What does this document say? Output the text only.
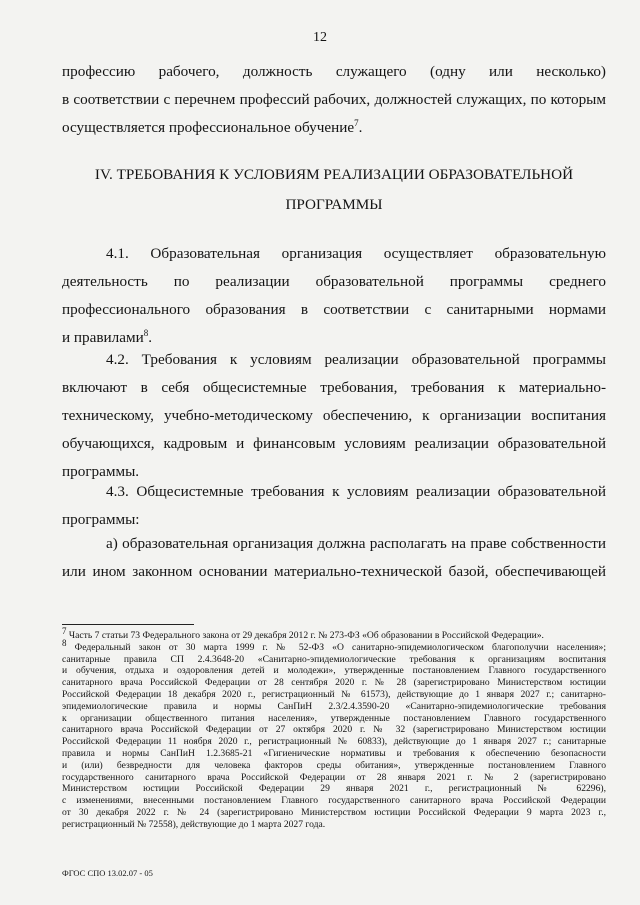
12

профессию рабочего, должность служащего (одну или несколько)

в соответствии с перечнем профессий рабочих, должностей служащих, по которым

осуществляется профессиональное обучение$^7$.

IV. ТРЕБОВАНИЯ К УСЛОВИЯМ РЕАЛИЗАЦИИ ОБРАЗОВАТЕЛЬНОЙ
ПРОГРАММЫ

4.1. Образовательная организация осуществляет образовательную

деятельность по реализации образовательной программы среднего

профессионального образования в соответствии с санитарными нормами

и правилами$^8$.

4.2. Требования к условиям реализации образовательной программы

включают в себя общесистемные требования, требования к материально-

техническому, учебно-методическому обеспечению, к организации воспитания

обучающихся, кадровым и финансовым условиям реализации образовательной

программы.

4.3. Общесистемные требования к условиям реализации образовательной

программы:

а) образовательная организация должна располагать на праве собственности

или ином законном основании материально-технической базой, обеспечивающей

$^7$ Часть 7 статьи 73 Федерального закона от 29 декабря 2012 г. № 273-ФЗ «Об образовании в Российской Федерации».

$^8$ Федеральный закон от 30 марта 1999 г. № 52-ФЗ «О санитарно-эпидемиологическом благополучии населения»;

санитарные правила СП 2.4.3648-20 «Санитарно-эпидемиологические требования к организациям воспитания

и обучения, отдыха и оздоровления детей и молодежи», утвержденные постановлением Главного государственного

санитарного врача Российской Федерации от 28 сентября 2020 г. № 28 (зарегистрировано Министерством юстиции

Российской Федерации 18 декабря 2020 г., регистрационный № 61573), действующие до 1 января 2027 г.; санитарно-

эпидемиологические правила и нормы СанПиН 2.3/2.4.3590-20 «Санитарно-эпидемиологические требования

к организации общественного питания населения», утвержденные постановлением Главного государственного

санитарного врача Российской Федерации от 27 октября 2020 г. № 32 (зарегистрировано Министерством юстиции

Российской Федерации 11 ноября 2020 г., регистрационный № 60833), действующие до 1 января 2027 г.; санитарные

правила и нормы СанПиН 1.2.3685-21 «Гигиенические нормативы и требования к обеспечению безопасности

и (или) безвредности для человека факторов среды обитания», утвержденные постановлением Главного

государственного санитарного врача Российской Федерации от 28 января 2021 г. № 2 (зарегистрировано

Министерством юстиции Российской Федерации 29 января 2021 г., регистрационный № 62296),

с изменениями, внесенными постановлением Главного государственного санитарного врача Российской Федерации

от 30 декабря 2022 г. № 24 (зарегистрировано Министерством юстиции Российской Федерации 9 марта 2023 г.,

регистрационный № 72558), действующие до 1 марта 2027 года.

ФГОС СПО 13.02.07 - 05
